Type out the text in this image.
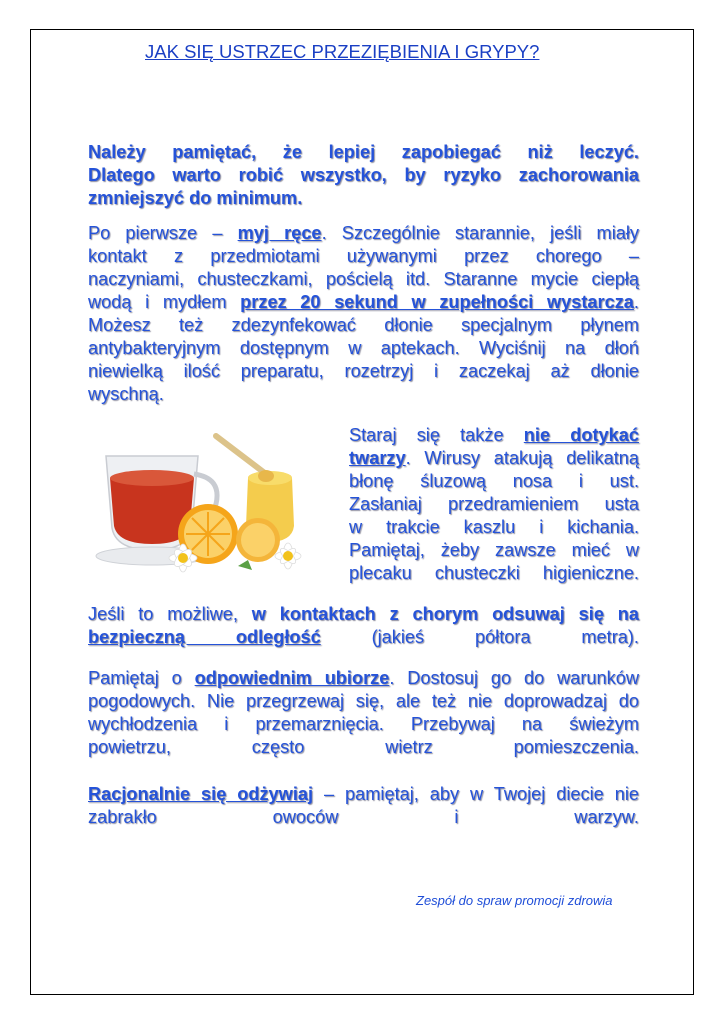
JAK SIĘ USTRZEC PRZEZIĘBIENIA I GRYPY?
Należy pamiętać, że lepiej zapobiegać niż leczyć.
Dlatego warto robić wszystko, by ryzyko zachorowania
zmniejszyć do minimum.
Po pierwsze – myj ręce. Szczególnie starannie, jeśli miały
kontakt z przedmiotami używanymi przez chorego –
naczyniami, chusteczkami, pościelą itd. Staranne mycie ciepłą
wodą i mydłem przez 20 sekund w zupełności wystarcza.
Możesz też zdezynfekować dłonie specjalnym płynem
antybakteryjnym dostępnym w aptekach. Wyciśnij na dłoń
niewielką ilość preparatu, rozetrzyj i zaczekaj aż dłonie
wyschną.
Staraj się także nie dotykać
twarzy. Wirusy atakują delikatną
błonę śluzową nosa i ust.
Zasłaniaj przedramieniem usta
w trakcie kaszlu i kichania.
Pamiętaj, żeby zawsze mieć w
plecaku chusteczki higieniczne.
Jeśli to możliwe, w kontaktach z chorym odsuwaj się na
bezpieczną odległość (jakieś półtora metra).
Pamiętaj o odpowiednim ubiorze. Dostosuj go do warunków
pogodowych. Nie przegrzewaj się, ale też nie doprowadzaj do
wychłodzenia i przemarznięcia. Przebywaj na świeżym
powietrzu, często wietrz pomieszczenia.
Racjonalnie się odżywiaj – pamiętaj, aby w Twojej diecie nie
zabrakło owoców i warzyw.
Zespół do spraw promocji zdrowia
